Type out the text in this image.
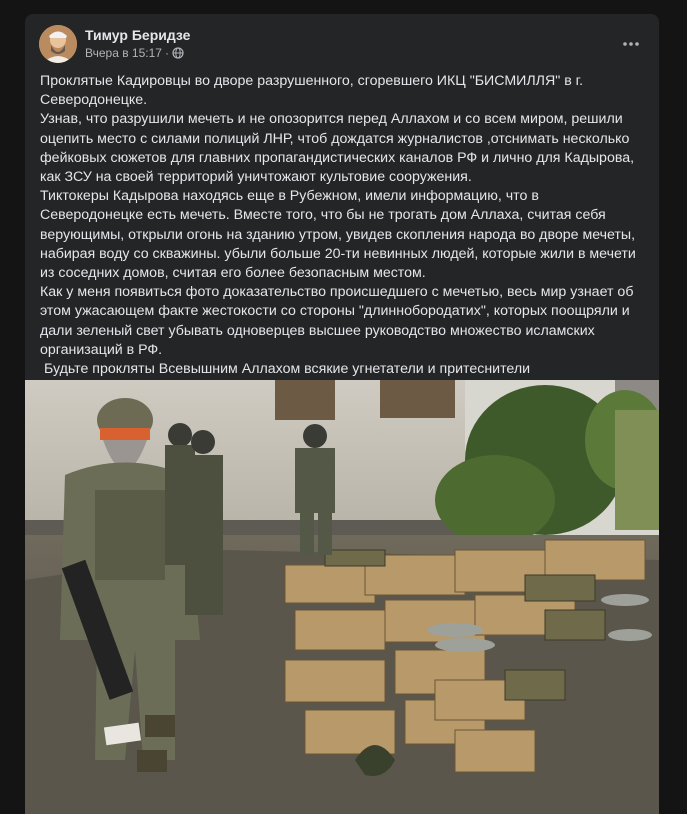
Тимур Беридзе
Вчера в 15:17 ·

Проклятые Кадировцы во дворе разрушенного, сгоревшего ИКЦ "БИСМИЛЛЯ" в г. Северодонецке.

Узнав, что разрушили мечеть и не опозорится перед Аллахом и со всем миром, решили оцепить место с силами полиций ЛНР, чтоб дождатся журналистов ,отснимать несколько фейковых сюжетов для главних пропагандистических каналов РФ и лично для Кадырова, как ЗСУ на своей территорий уничтожают культовие сооружения.

Тиктокеры Кадырова находясь еще в Рубежном, имели информацию, что в Северодонецке есть мечеть. Вместе того, что бы не трогать дом Аллаха, считая себя верующимы, открыли огонь на зданию утром, увидев скопления народа во дворе мечеты, набирая воду со скважины. убыли больше 20-ти невинных людей, которые жили в мечети из соседних домов, считая его более безопасным местом.

Как у меня появиться фото доказательство происшедшего с мечетью, весь мир узнает об этом ужасающем факте жестокости со стороны "длиннобородатих", которых поощряли и дали зеленый свет убывать одноверцев высшее руководство множество исламских организаций в РФ.

Будьте прокляты Всевышним Аллахом всякие угнетатели и притеснители
